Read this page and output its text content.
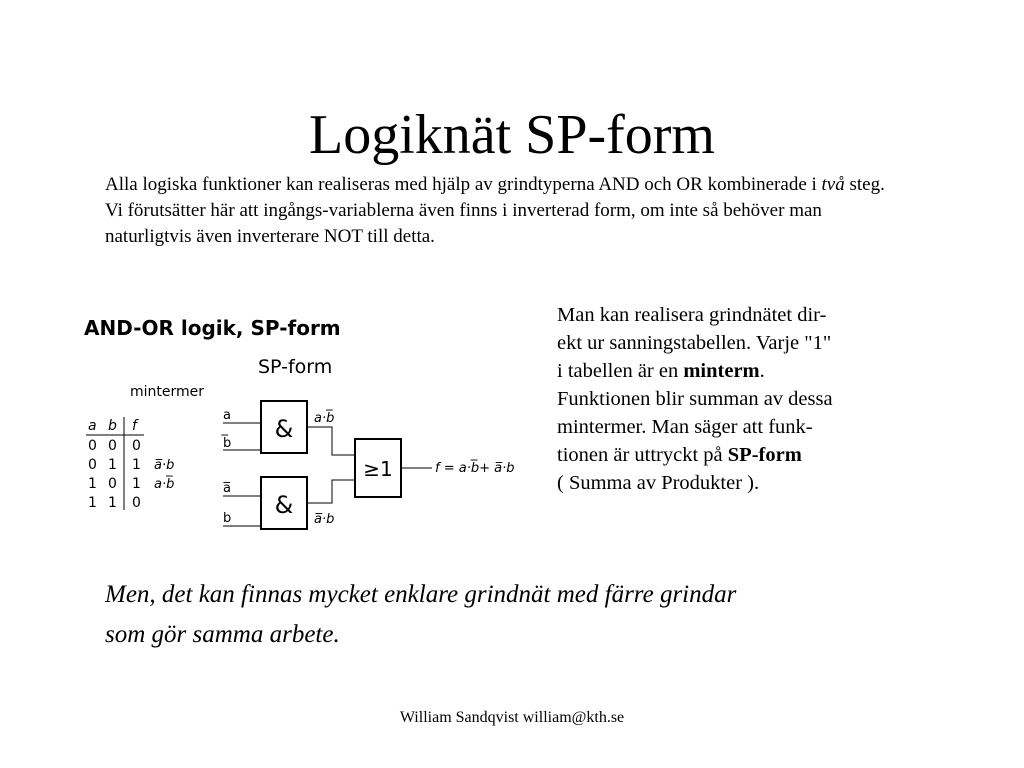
Logiknät SP-form

Alla logiska funktioner kan realiseras med hjälp av grindtyperna AND och OR kombinerade i två steg. Vi förutsätter här att ingångs-variablerna även finns i inverterad form, om inte så behöver man naturligtvis även inverterare NOT till detta.

AND-OR logik, SP-form
SP-form
mintermer
a b f
0 0 0
0 1 1 a̅·b
1 0 1 a·b̅
1 1 0
&
a
b̅
a·b̅
&
a̅
b	a̅·b
≥1	f = a·b̅+ a̅·b
Man kan realisera grindnätet dir-
ekt ur sanningstabellen. Varje "1"
i tabellen är en minterm.
Funktionen blir summan av dessa
mintermer. Man säger att funk-
tionen är uttryckt på SP-form
( Summa av Produkter ).
Men, det kan finnas mycket enklare grindnät med färre grindar
som gör samma arbete.
William Sandqvist william@kth.se
